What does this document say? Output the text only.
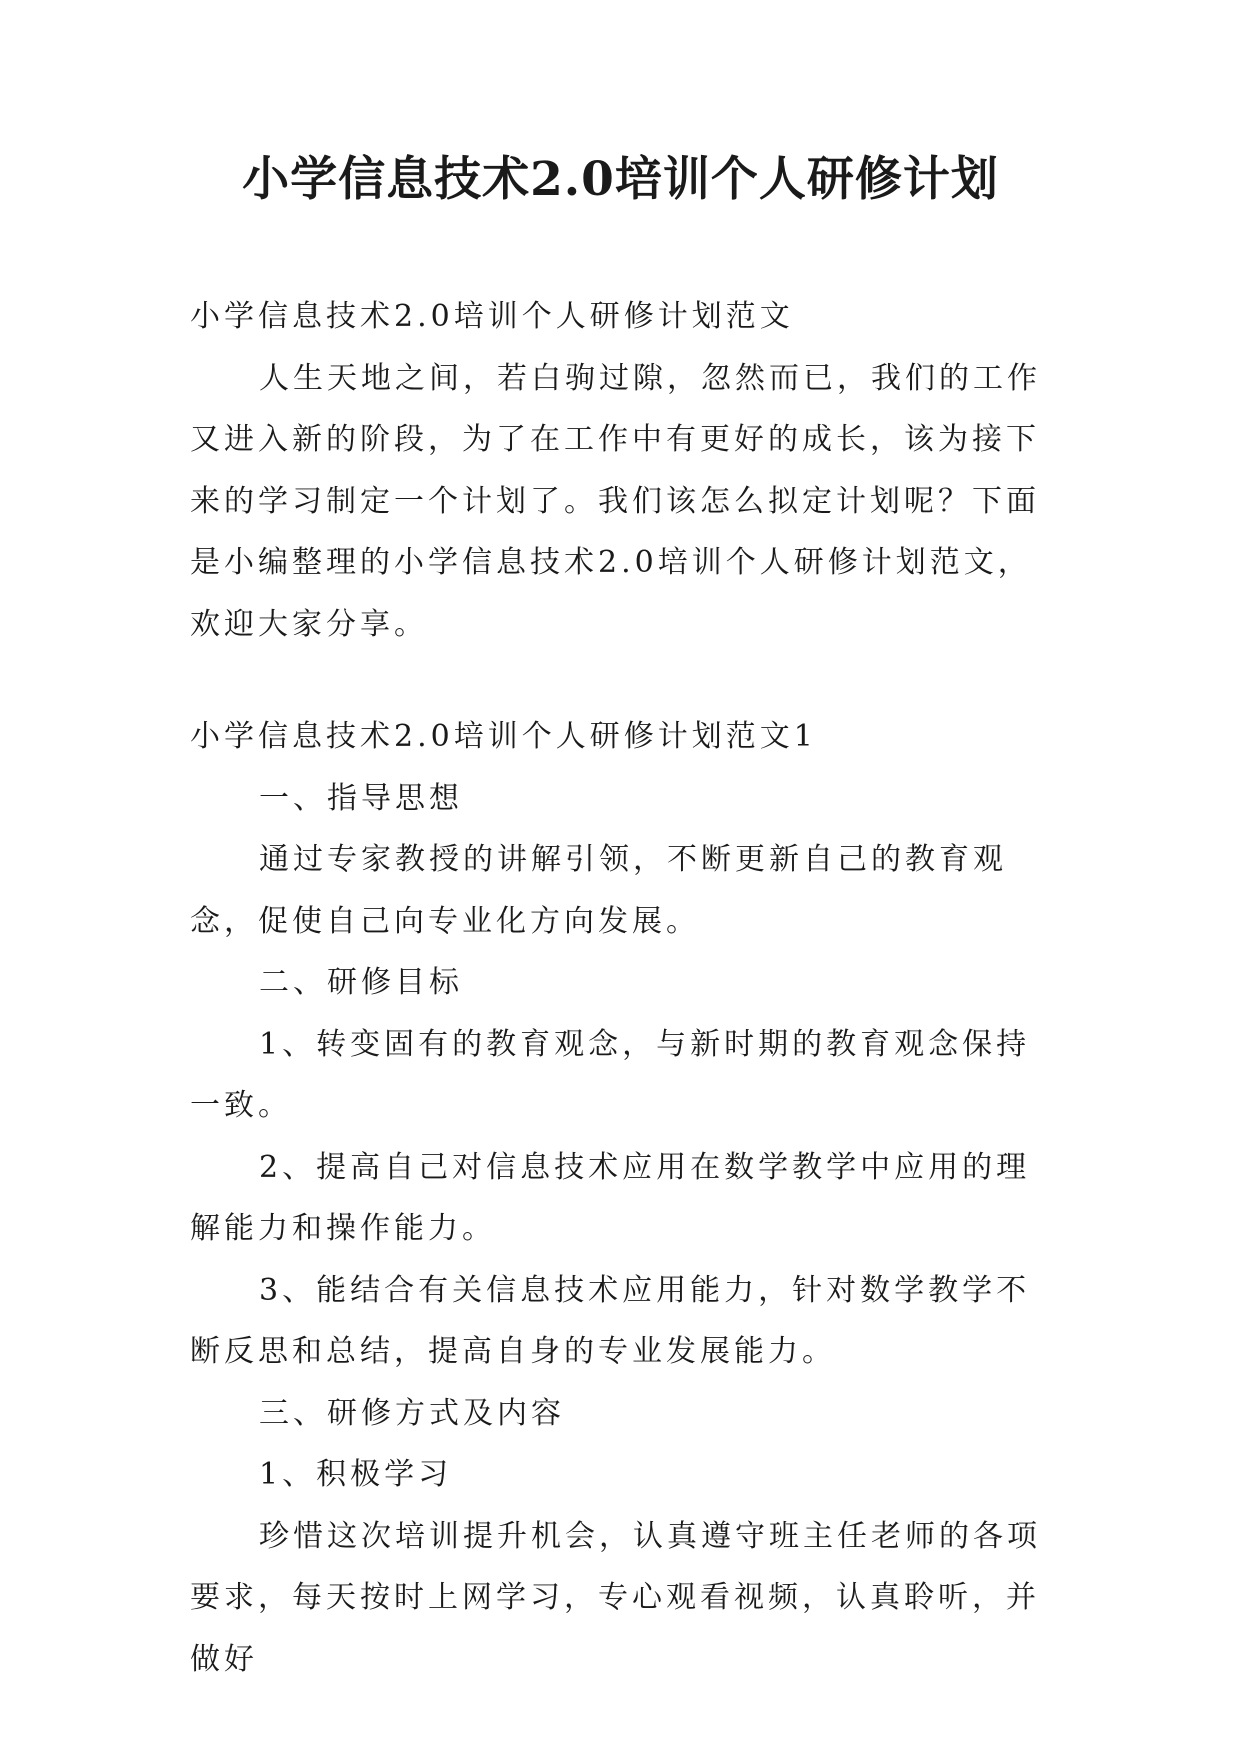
小学信息技术2.0培训个人研修计划

小学信息技术2.0培训个人研修计划范文

人生天地之间，若白驹过隙，忽然而已，我们的工作又进入新的阶段，为了在工作中有更好的成长，该为接下来的学习制定一个计划了。我们该怎么拟定计划呢？下面是小编整理的小学信息技术2.0培训个人研修计划范文，欢迎大家分享。

小学信息技术2.0培训个人研修计划范文1

一、指导思想

通过专家教授的讲解引领，不断更新自己的教育观念，促使自己向专业化方向发展。

二、研修目标

1、转变固有的教育观念，与新时期的教育观念保持一致。

2、提高自己对信息技术应用在数学教学中应用的理解能力和操作能力。

3、能结合有关信息技术应用能力，针对数学教学不断反思和总结，提高自身的专业发展能力。

三、研修方式及内容

1、积极学习

珍惜这次培训提升机会，认真遵守班主任老师的各项要求，每天按时上网学习，专心观看视频，认真聆听，并做好
